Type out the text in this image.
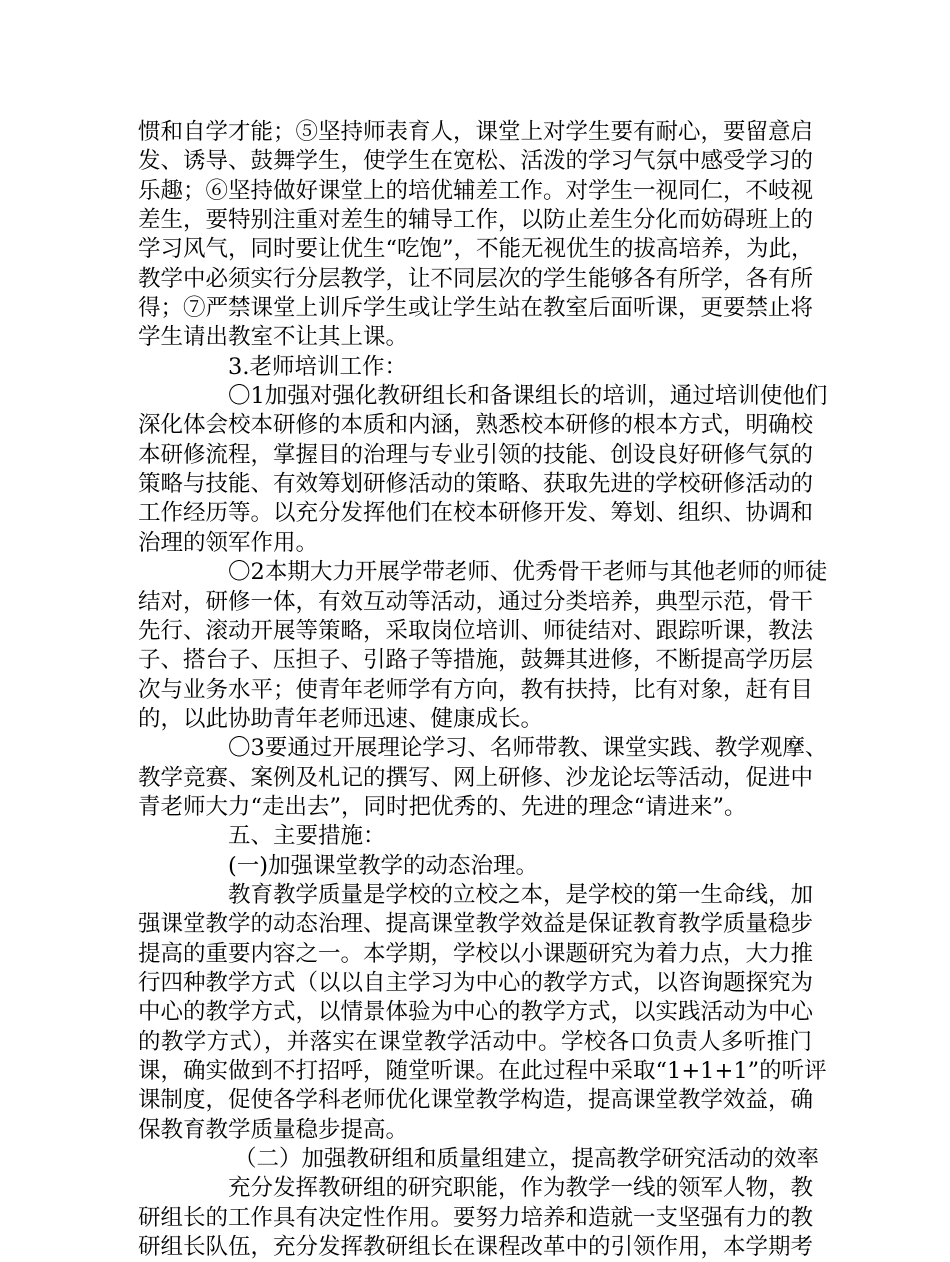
惯和自学才能；⑤坚持师表育人，课堂上对学生要有耐心，要留意启
发、诱导、鼓舞学生，使学生在宽松、活泼的学习气氛中感受学习的
乐趣；⑥坚持做好课堂上的培优辅差工作。对学生一视同仁，不岐视
差生，要特别注重对差生的辅导工作，以防止差生分化而妨碍班上的
学习风气，同时要让优生“吃饱”，不能无视优生的拔高培养，为此，
教学中必须实行分层教学，让不同层次的学生能够各有所学，各有所
得；⑦严禁课堂上训斥学生或让学生站在教室后面听课，更要禁止将
学生请出教室不让其上课。
3.老师培训工作：
〇1加强对强化教研组长和备课组长的培训，通过培训使他们
深化体会校本研修的本质和内涵，熟悉校本研修的根本方式，明确校
本研修流程，掌握目的治理与专业引领的技能、创设良好研修气氛的
策略与技能、有效筹划研修活动的策略、获取先进的学校研修活动的
工作经历等。以充分发挥他们在校本研修开发、筹划、组织、协调和
治理的领军作用。
〇2本期大力开展学带老师、优秀骨干老师与其他老师的师徒
结对，研修一体，有效互动等活动，通过分类培养，典型示范，骨干
先行、滚动开展等策略，采取岗位培训、师徒结对、跟踪听课，教法
子、搭台子、压担子、引路子等措施，鼓舞其进修，不断提高学历层
次与业务水平；使青年老师学有方向，教有扶持，比有对象，赶有目
的，以此协助青年老师迅速、健康成长。
〇3要通过开展理论学习、名师带教、课堂实践、教学观摩、
教学竞赛、案例及札记的撰写、网上研修、沙龙论坛等活动，促进中
青老师大力“走出去”，同时把优秀的、先进的理念“请进来”。
五、主要措施：
(一)加强课堂教学的动态治理。
教育教学质量是学校的立校之本，是学校的第一生命线，加
强课堂教学的动态治理、提高课堂教学效益是保证教育教学质量稳步
提高的重要内容之一。本学期，学校以小课题研究为着力点，大力推
行四种教学方式（以以自主学习为中心的教学方式，以咨询题探究为
中心的教学方式，以情景体验为中心的教学方式，以实践活动为中心
的教学方式），并落实在课堂教学活动中。学校各口负责人多听推门
课，确实做到不打招呼，随堂听课。在此过程中采取“1+1+1”的听评
课制度，促使各学科老师优化课堂教学构造，提高课堂教学效益，确
保教育教学质量稳步提高。
（二）加强教研组和质量组建立，提高教学研究活动的效率
充分发挥教研组的研究职能，作为教学一线的领军人物，教
研组长的工作具有决定性作用。要努力培养和造就一支坚强有力的教
研组长队伍，充分发挥教研组长在课程改革中的引领作用，本学期考
